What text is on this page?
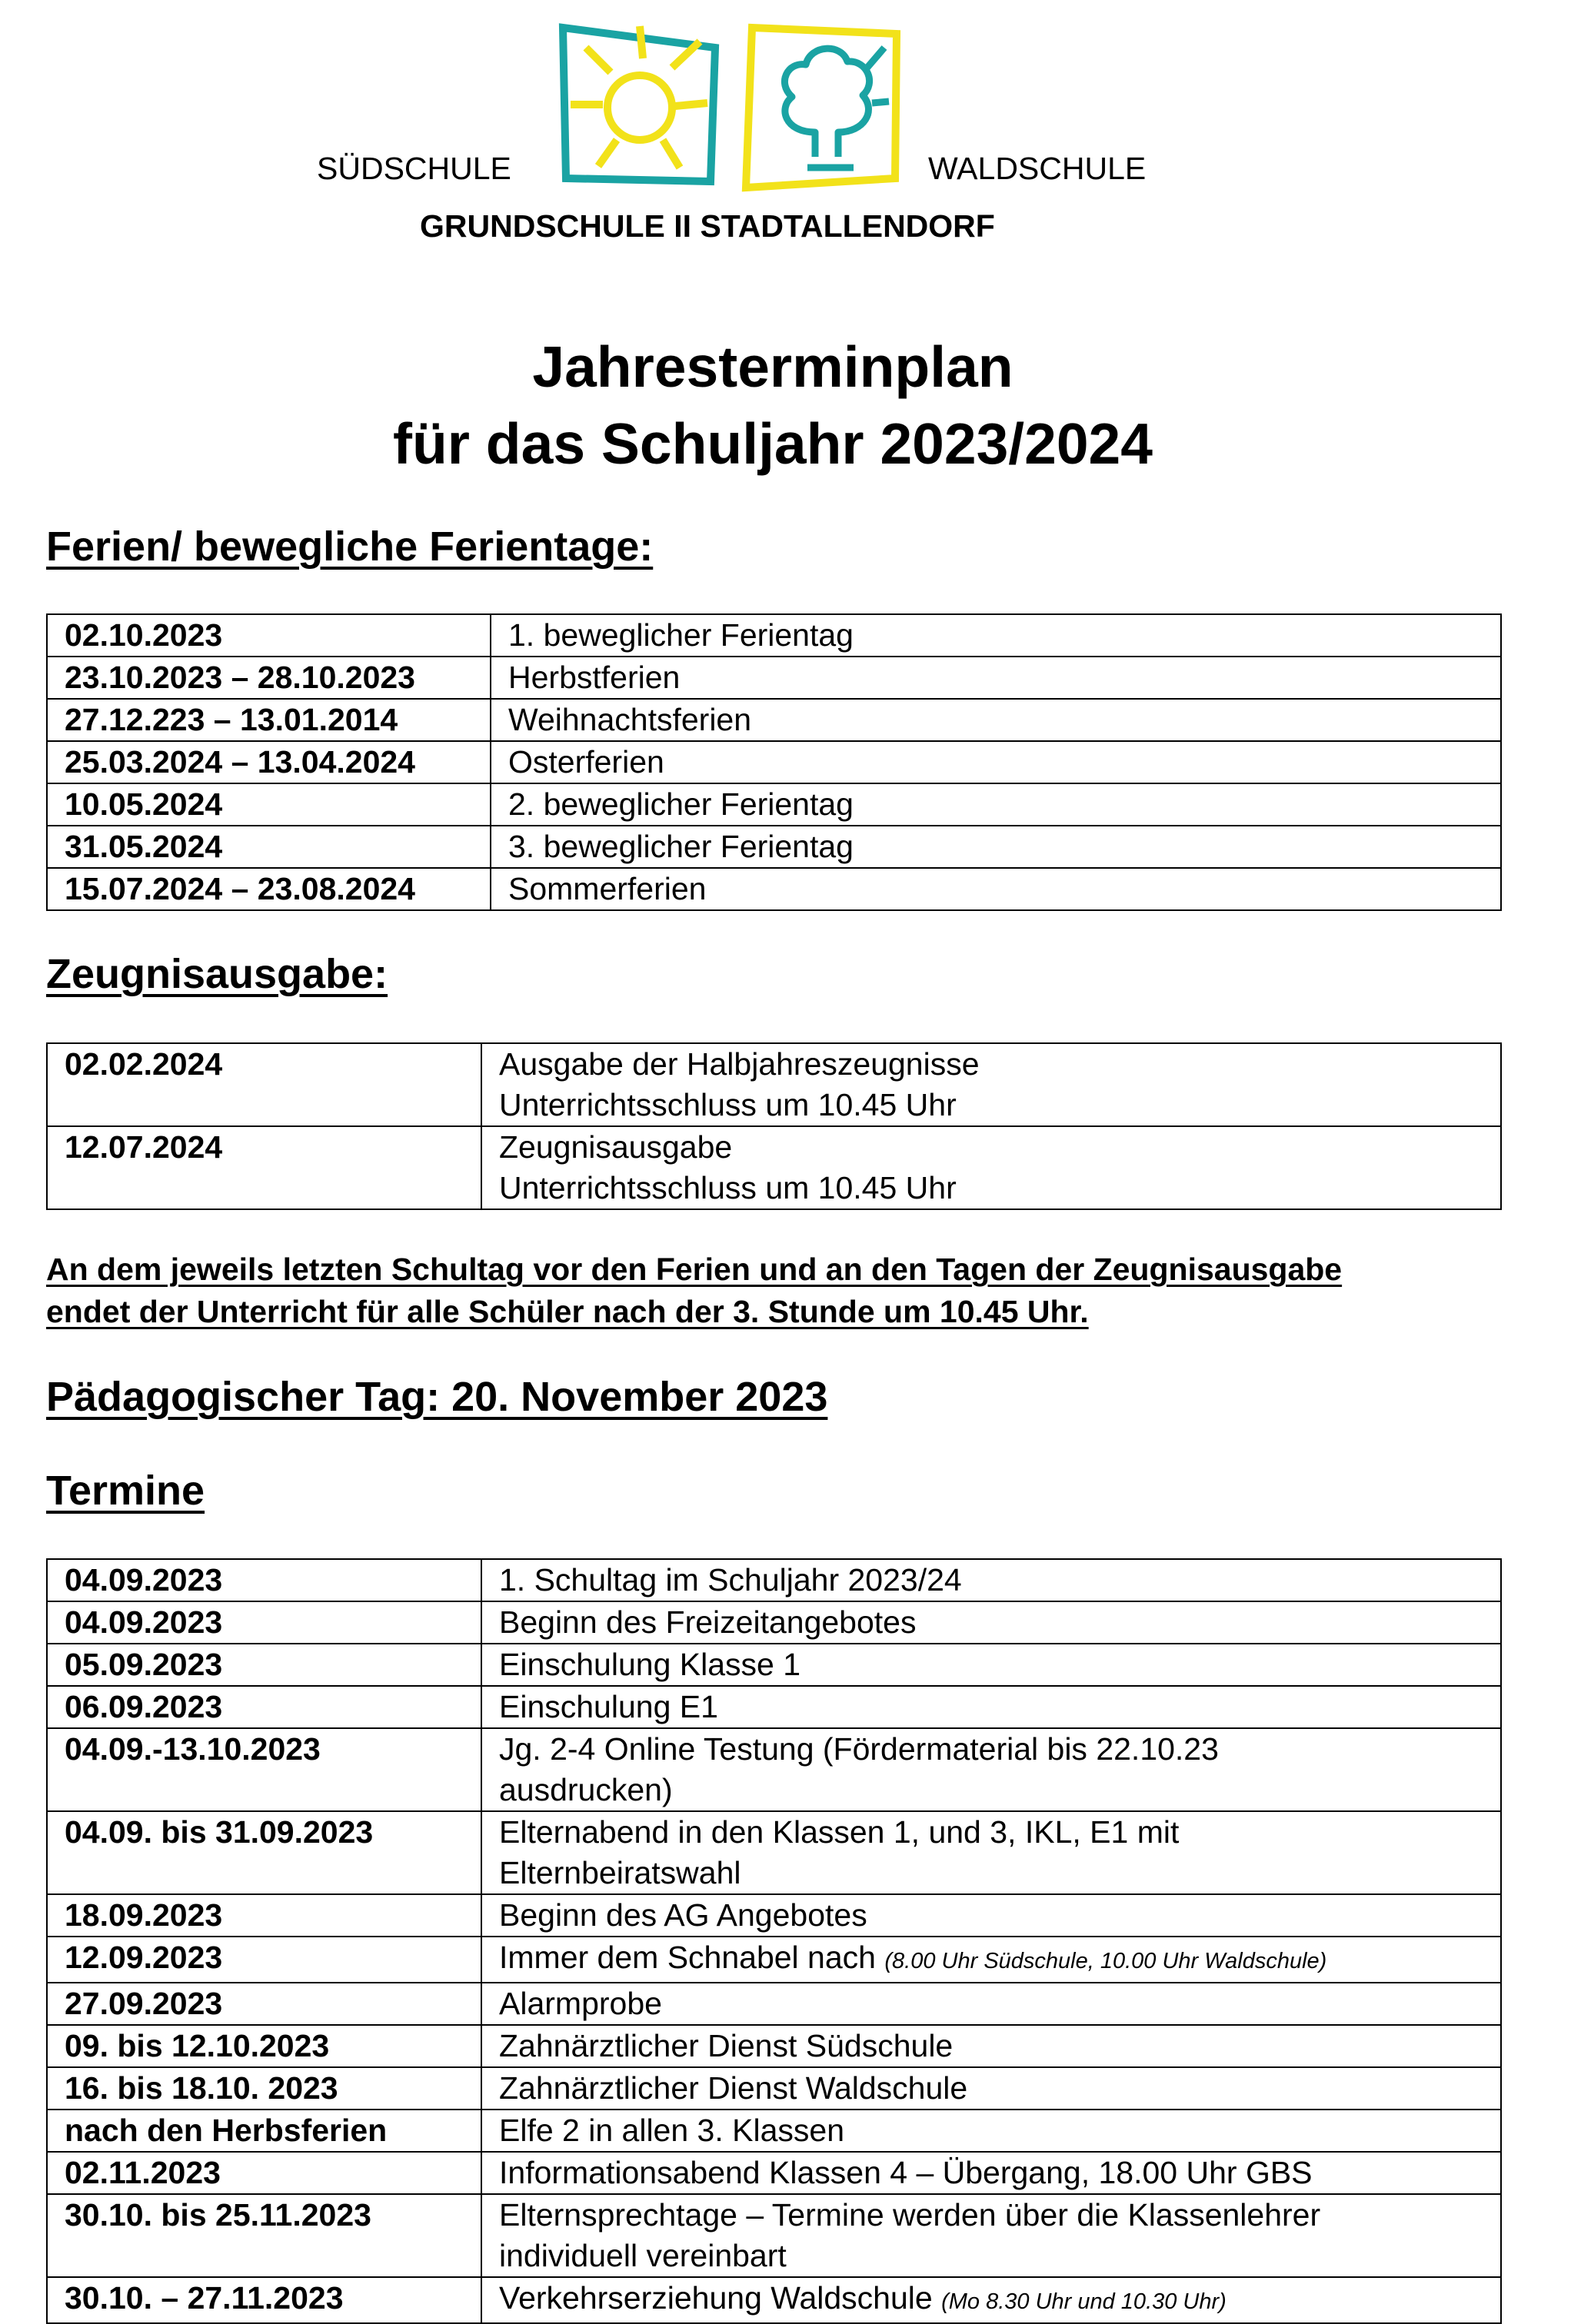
SÜDSCHULE	WALDSCHULE
GRUNDSCHULE II STADTALLENDORF
Jahresterminplan
für das Schuljahr 2023/2024
Ferien/ bewegliche Ferientage:
02.10.2023	1. beweglicher Ferientag
23.10.2023 – 28.10.2023	Herbstferien
27.12.223 – 13.01.2014	Weihnachtsferien
25.03.2024 – 13.04.2024	Osterferien
10.05.2024	2. beweglicher Ferientag
31.05.2024	3. beweglicher Ferientag
15.07.2024 – 23.08.2024	Sommerferien
Zeugnisausgabe:
02.02.2024	Ausgabe der Halbjahreszeugnisse
Unterrichtsschluss um 10.45 Uhr

12.07.2024	Zeugnisausgabe
Unterrichtsschluss um 10.45 Uhr
An dem jeweils letzten Schultag vor den Ferien und an den Tagen der Zeugnisausgabe
endet der Unterricht für alle Schüler nach der 3. Stunde um 10.45 Uhr.
Pädagogischer Tag: 20. November 2023
Termine
04.09.2023	1. Schultag im Schuljahr 2023/24
04.09.2023	Beginn des Freizeitangebotes
05.09.2023	Einschulung Klasse 1
06.09.2023	Einschulung E1
04.09.-13.10.2023	Jg. 2-4 Online Testung (Fördermaterial bis 22.10.23
ausdrucken)

04.09. bis 31.09.2023	Elternabend in den Klassen 1, und 3, IKL, E1 mit
Elternbeiratswahl

18.09.2023	Beginn des AG Angebotes
12.09.2023	Immer dem Schnabel nach (8.00 Uhr Südschule, 10.00 Uhr Waldschule)
27.09.2023	Alarmprobe
09. bis 12.10.2023	Zahnärztlicher Dienst Südschule
16. bis 18.10. 2023	Zahnärztlicher Dienst Waldschule
nach den Herbsferien	Elfe 2 in allen 3. Klassen
02.11.2023	Informationsabend Klassen 4 – Übergang, 18.00 Uhr GBS
30.10. bis 25.11.2023	Elternsprechtage – Termine werden über die Klassenlehrer
individuell vereinbart

30.10. – 27.11.2023	Verkehrserziehung Waldschule (Mo 8.30 Uhr und 10.30 Uhr)
